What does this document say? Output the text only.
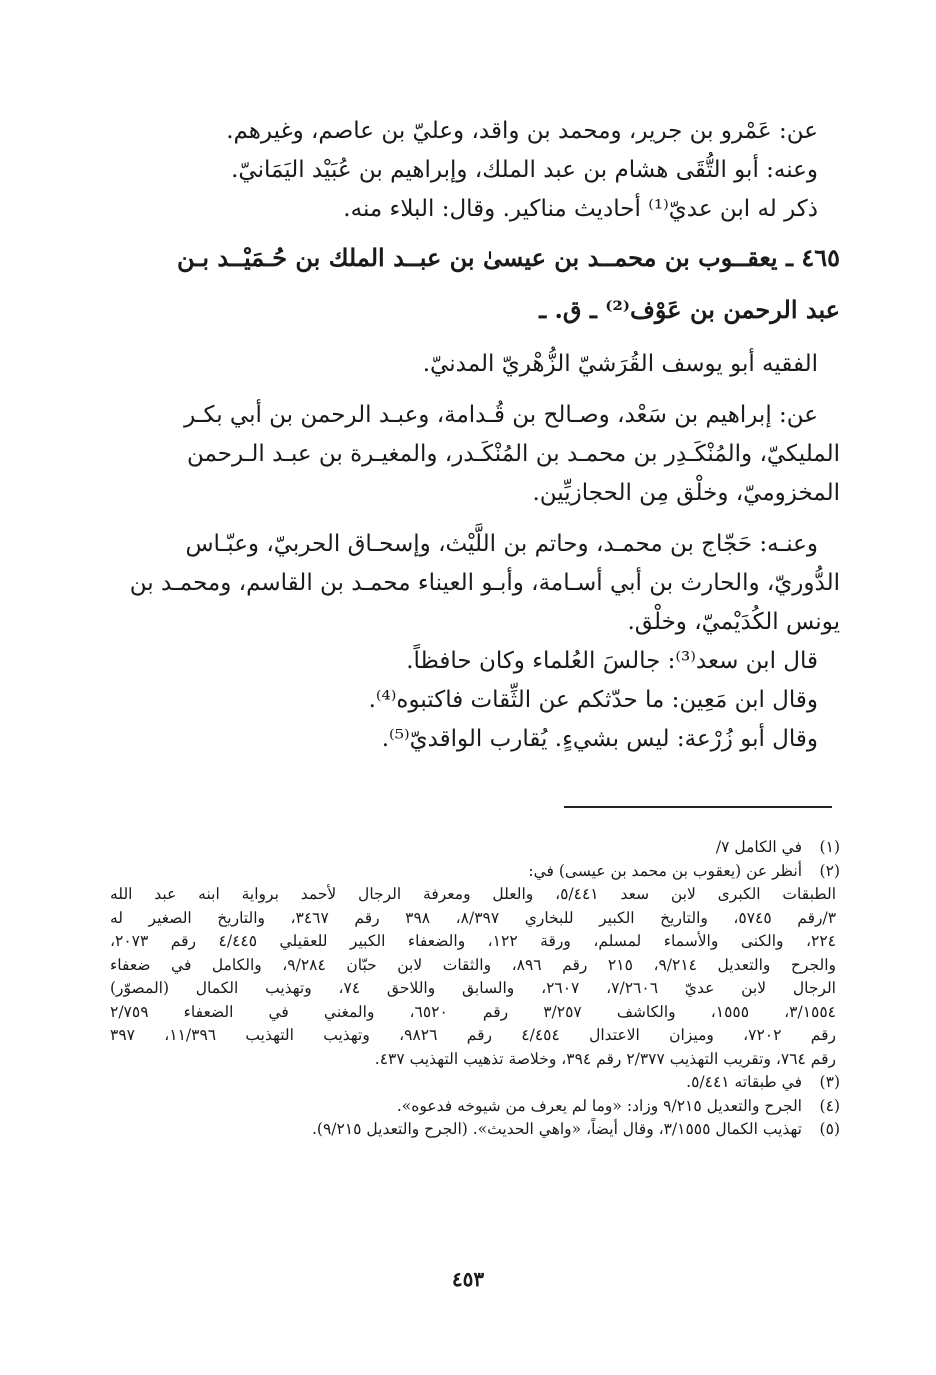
عن: عَمْرو بن جرير، ومحمد بن واقد، وعليّ بن عاصم، وغيرهم.

وعنه: أبو التُّقَى هشام بن عبد الملك، وإبراهيم بن عُبَيْد اليَمَانيّ.

ذكر له ابن عديّ⁽¹⁾ أحاديث مناكير. وقال: البلاء منه.

٤٦٥ ـ يعقــوب بن محمــد بن عيسىٰ بن عبــد الملك بن حُـمَيْــد بـن

عبد الرحمن بن عَوْف⁽²⁾ ـ ق. ـ

الفقيه أبو يوسف القُرَشيّ الزُّهْريّ المدنيّ.

عن: إبراهيم بن سَعْد، وصـالح بن قُـدامة، وعبـد الرحمن بن أبي بكـر

المليكيّ، والمُنْكَـدِر بن محمـد بن المُنْكَـدر، والمغيـرة بن عبـد الـرحمن

المخزوميّ، وخلْق مِن الحجازيِّين.

وعنـه: حَجّاج بن محمـد، وحاتم بن اللَّيْث، وإسحـاق الحربيّ، وعبّـاس

الدُّوريّ، والحارث بن أبي أسـامة، وأبـو العيناء محمـد بن القاسم، ومحمـد بن

يونس الكُدَيْميّ، وخلْق.

قال ابن سعد⁽³⁾: جالسَ العُلماء وكان حافظاً.

وقال ابن مَعِين: ما حدّثكم عن الثِّقات فاكتبوه⁽⁴⁾.

وقال أبو زُرْعة: ليس بشيءٍ. يُقارب الواقديّ⁽⁵⁾.

(١)
في الكامل ٧/
(٢)
أنظر عن (يعقوب بن محمد بن عيسى) في:
الطبقات الكبرى لابن سعد ٥/٤٤١، والعلل ومعرفة الرجال لأحمد برواية ابنه عبد الله
٣/رقم ٥٧٤٥، والتاريخ الكبير للبخاري ٨/٣٩٧، ٣٩٨ رقم ٣٤٦٧، والتاريخ الصغير له
٢٢٤، والكنى والأسماء لمسلم، ورقة ١٢٢، والضعفاء الكبير للعقيلي ٤/٤٤٥ رقم ٢٠٧٣،
والجرح والتعديل ٩/٢١٤، ٢١٥ رقم ٨٩٦، والثقات لابن حبّان ٩/٢٨٤، والكامل في ضعفاء
الرجال لابن عديّ ٧/٢٦٠٦، ٢٦٠٧، والسابق واللاحق ٧٤، وتهذيب الكمال (المصوّر)
٣/١٥٥٤، ١٥٥٥، والكاشف ٣/٢٥٧ رقم ٦٥٢٠، والمغني في الضعفاء ٢/٧٥٩
رقم ٧٢٠٢، وميزان الاعتدال ٤/٤٥٤ رقم ٩٨٢٦، وتهذيب التهذيب ١١/٣٩٦، ٣٩٧
رقم ٧٦٤، وتقريب التهذيب ٢/٣٧٧ رقم ٣٩٤، وخلاصة تذهيب التهذيب ٤٣٧.
(٣)
في طبقاته ٥/٤٤١.
(٤)
الجرح والتعديل ٩/٢١٥ وزاد: «وما لم يعرف من شيوخه فدعوه».
(٥)
تهذيب الكمال ٣/١٥٥٥، وقال أيضاً، «واهي الحديث». (الجرح والتعديل ٩/٢١٥).
٤٥٣
